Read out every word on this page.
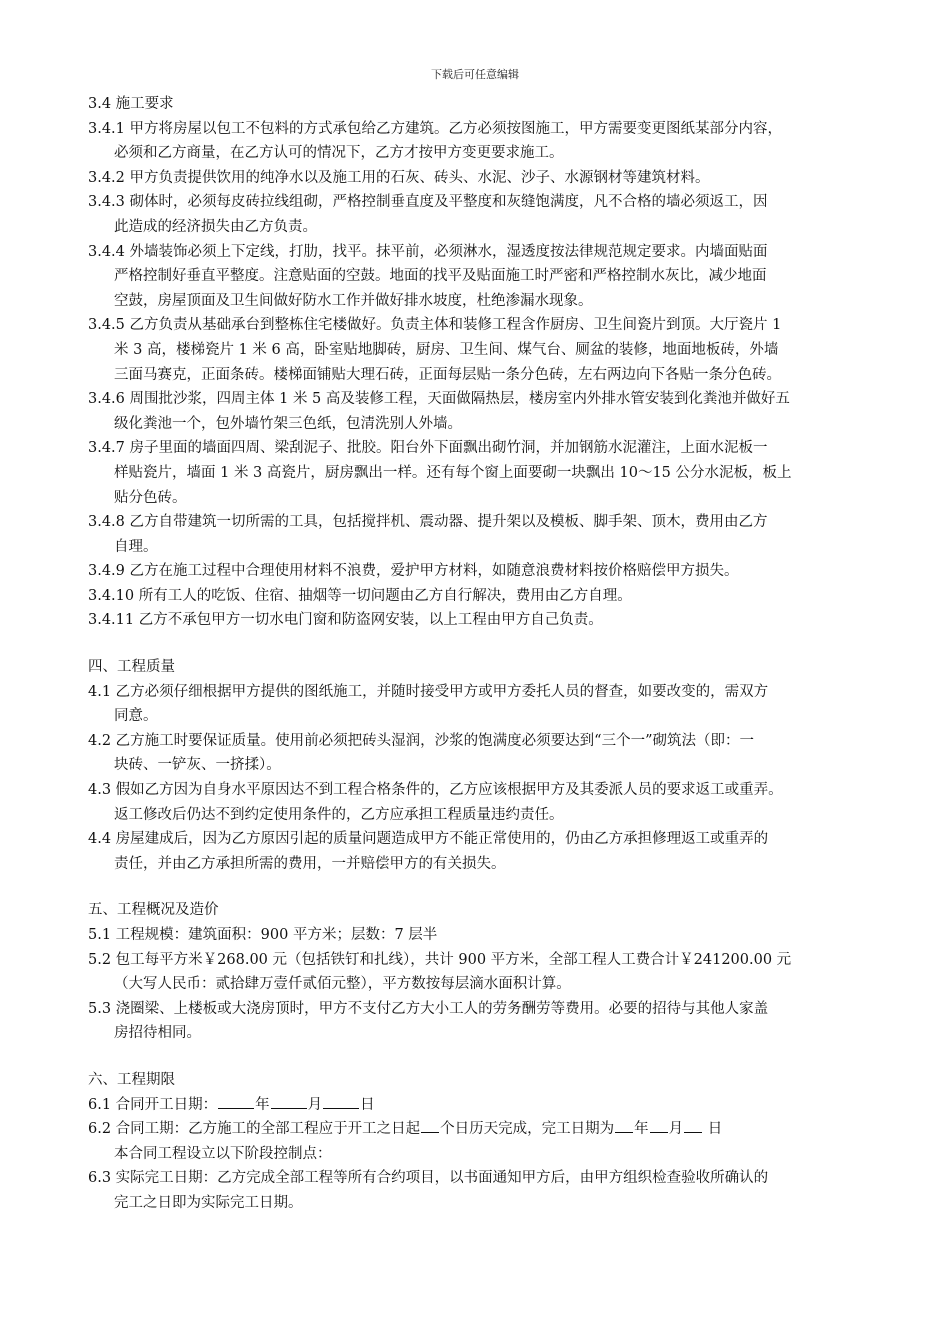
下载后可任意编辑

3.4 施工要求

3.4.1 甲方将房屋以包工不包料的方式承包给乙方建筑。乙方必须按图施工，甲方需要变更图纸某部分内容，

必须和乙方商量，在乙方认可的情况下，乙方才按甲方变更要求施工。

3.4.2 甲方负责提供饮用的纯净水以及施工用的石灰、砖头、水泥、沙子、水源钢材等建筑材料。

3.4.3 砌体时，必须每皮砖拉线组砌，严格控制垂直度及平整度和灰缝饱满度，凡不合格的墙必须返工，因

此造成的经济损失由乙方负责。

3.4.4 外墙装饰必须上下定线，打肋，找平。抹平前，必须淋水，湿透度按法律规范规定要求。内墙面贴面

严格控制好垂直平整度。注意贴面的空鼓。地面的找平及贴面施工时严密和严格控制水灰比，减少地面

空鼓，房屋顶面及卫生间做好防水工作并做好排水坡度，杜绝渗漏水现象。

3.4.5 乙方负责从基础承台到整栋住宅楼做好。负责主体和装修工程含作厨房、卫生间瓷片到顶。大厅瓷片 1

米 3 高，楼梯瓷片 1 米 6 高，卧室贴地脚砖，厨房、卫生间、煤气台、厕盆的装修，地面地板砖，外墙

三面马赛克，正面条砖。楼梯面铺贴大理石砖，正面每层贴一条分色砖，左右两边向下各贴一条分色砖。

3.4.6 周围批沙浆，四周主体 1 米 5 高及装修工程，天面做隔热层，楼房室内外排水管安装到化粪池并做好五

级化粪池一个，包外墙竹架三色纸，包清洗别人外墙。

3.4.7 房子里面的墙面四周、梁刮泥子、批胶。阳台外下面飘出砌竹洞，并加钢筋水泥灌注，上面水泥板一

样贴瓷片，墙面 1 米 3 高瓷片，厨房飘出一样。还有每个窗上面要砌一块飘出 10～15 公分水泥板，板上

贴分色砖。

3.4.8 乙方自带建筑一切所需的工具，包括搅拌机、震动器、提升架以及模板、脚手架、顶木，费用由乙方

自理。

3.4.9 乙方在施工过程中合理使用材料不浪费，爱护甲方材料，如随意浪费材料按价格赔偿甲方损失。

3.4.10 所有工人的吃饭、住宿、抽烟等一切问题由乙方自行解决，费用由乙方自理。

3.4.11 乙方不承包甲方一切水电门窗和防盗网安装，以上工程由甲方自己负责。

四、工程质量

4.1 乙方必须仔细根据甲方提供的图纸施工，并随时接受甲方或甲方委托人员的督查，如要改变的，需双方

同意。

4.2 乙方施工时要保证质量。使用前必须把砖头湿润，沙浆的饱满度必须要达到“三个一”砌筑法（即：一

块砖、一铲灰、一挤揉）。

4.3 假如乙方因为自身水平原因达不到工程合格条件的，乙方应该根据甲方及其委派人员的要求返工或重弄。

返工修改后仍达不到约定使用条件的，乙方应承担工程质量违约责任。

4.4 房屋建成后，因为乙方原因引起的质量问题造成甲方不能正常使用的，仍由乙方承担修理返工或重弄的

责任，并由乙方承担所需的费用，一并赔偿甲方的有关损失。

五、工程概况及造价

5.1 工程规模：建筑面积：900 平方米；层数：7 层半

5.2 包工每平方米￥268.00 元（包括铁钉和扎线），共计 900 平方米，全部工程人工费合计￥241200.00 元

（大写人民币：贰拾肆万壹仟贰佰元整），平方数按每层滴水面积计算。

5.3 浇圈梁、上楼板或大浇房顶时，甲方不支付乙方大小工人的劳务酬劳等费用。必要的招待与其他人家盖

房招待相同。

六、工程期限

6.1 合同开工日期：	年	月	日

6.2 合同工期：乙方施工的全部工程应于开工之日起 个日历天完成，完工日期为 年 月 日

本合同工程设立以下阶段控制点：

6.3 实际完工日期：乙方完成全部工程等所有合约项目，以书面通知甲方后，由甲方组织检查验收所确认的

完工之日即为实际完工日期。
